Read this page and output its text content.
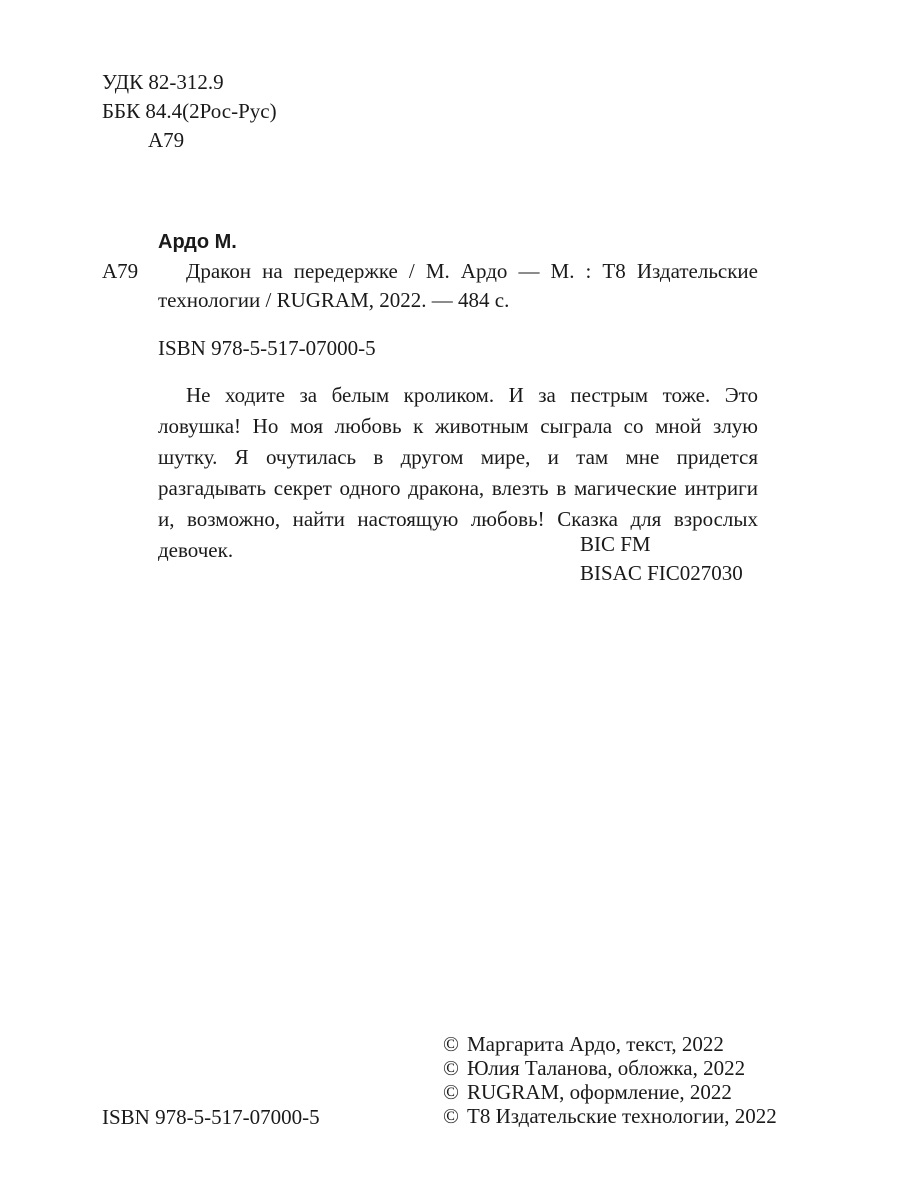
УДК 82-312.9
ББК 84.4(2Рос-Рус)
А79
Ардо М.
А79	Дракон на передержке / М. Ардо — М. : Т8 Издательские технологии / RUGRAM, 2022. — 484 с.
ISBN 978-5-517-07000-5
Не ходите за белым кроликом. И за пестрым тоже. Это ловушка! Но моя любовь к животным сыграла со мной злую шутку. Я очутилась в другом мире, и там мне придется разгадывать секрет одного дракона, влезть в магические интриги и, возможно, найти настоящую любовь! Сказка для взрослых девочек.	BIC FM
BISAC FIC027030
© Маргарита Ардо, текст, 2022
© Юлия Таланова, обложка, 2022
© RUGRAM, оформление, 2022
© Т8 Издательские технологии, 2022
ISBN 978-5-517-07000-5
